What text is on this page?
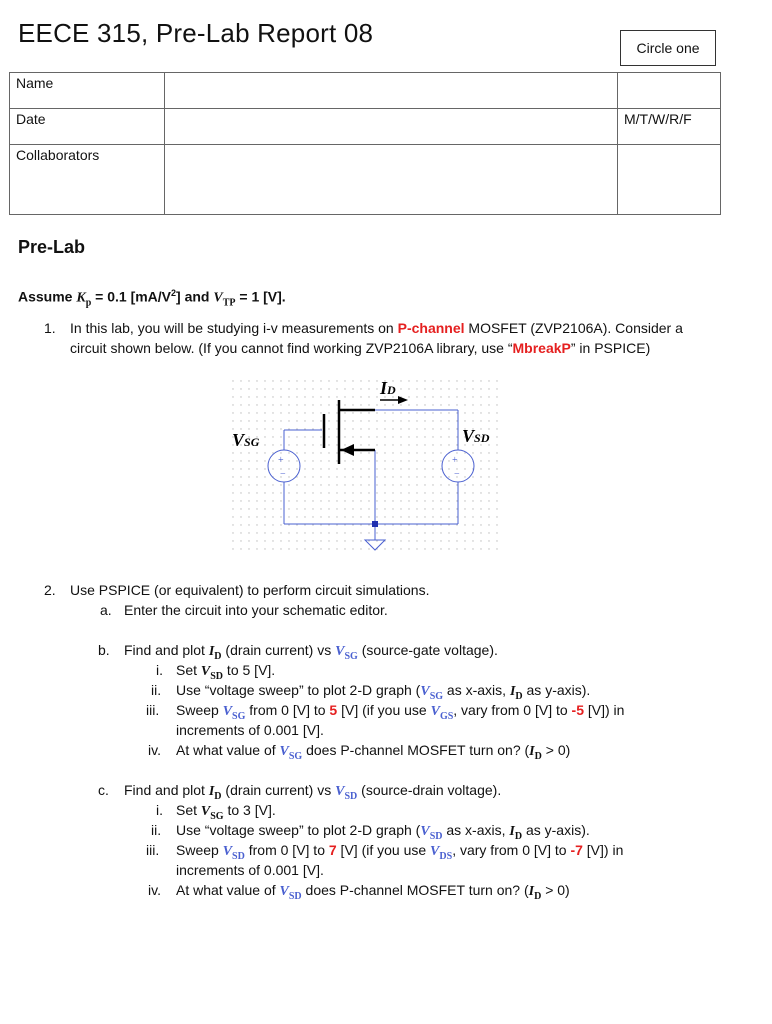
EECE 315, Pre-Lab Report 08	Circle one
Name		
Date		M/T/W/R/F
Collaborators		
Pre-Lab
Assume $K_p = 0.1$ $[mA/V^2]$ and $V_{TP} = 1$ [V].
1. In this lab, you will be studying i-v measurements on P-channel MOSFET (ZVP2106A). Consider a
circuit shown below. (If you cannot find working ZVP2106A library, use “MbreakP” in PSPICE)
+
−
+
−
ID
VSG	VSD
2. Use PSPICE (or equivalent) to perform circuit simulations.
a. Enter the circuit into your schematic editor.
b. Find and plot $I_D$ (drain current) vs $V_{SG}$ (source-gate voltage).
i. Set $V_{SD}$ to 5 [V].
ii. Use “voltage sweep” to plot 2-D graph ($V_{SG}$ as x-axis, $I_D$ as y-axis).
iii. Sweep $V_{SG}$ from 0 [V] to 5 [V] (if you use $V_{GS}$, vary from 0 [V] to -5 [V]) in
increments of 0.001 [V].
iv. At what value of $V_{SG}$ does P-channel MOSFET turn on? $(I_D > 0)$
c. Find and plot $I_D$ (drain current) vs $V_{SD}$ (source-drain voltage).
i. Set $V_{SG}$ to 3 [V].
ii. Use “voltage sweep” to plot 2-D graph ($V_{SD}$ as x-axis, $I_D$ as y-axis).
iii. Sweep $V_{SD}$ from 0 [V] to 7 [V] (if you use $V_{DS}$, vary from 0 [V] to -7 [V]) in
increments of 0.001 [V].
iv. At what value of $V_{SD}$ does P-channel MOSFET turn on? $(I_D > 0)$
